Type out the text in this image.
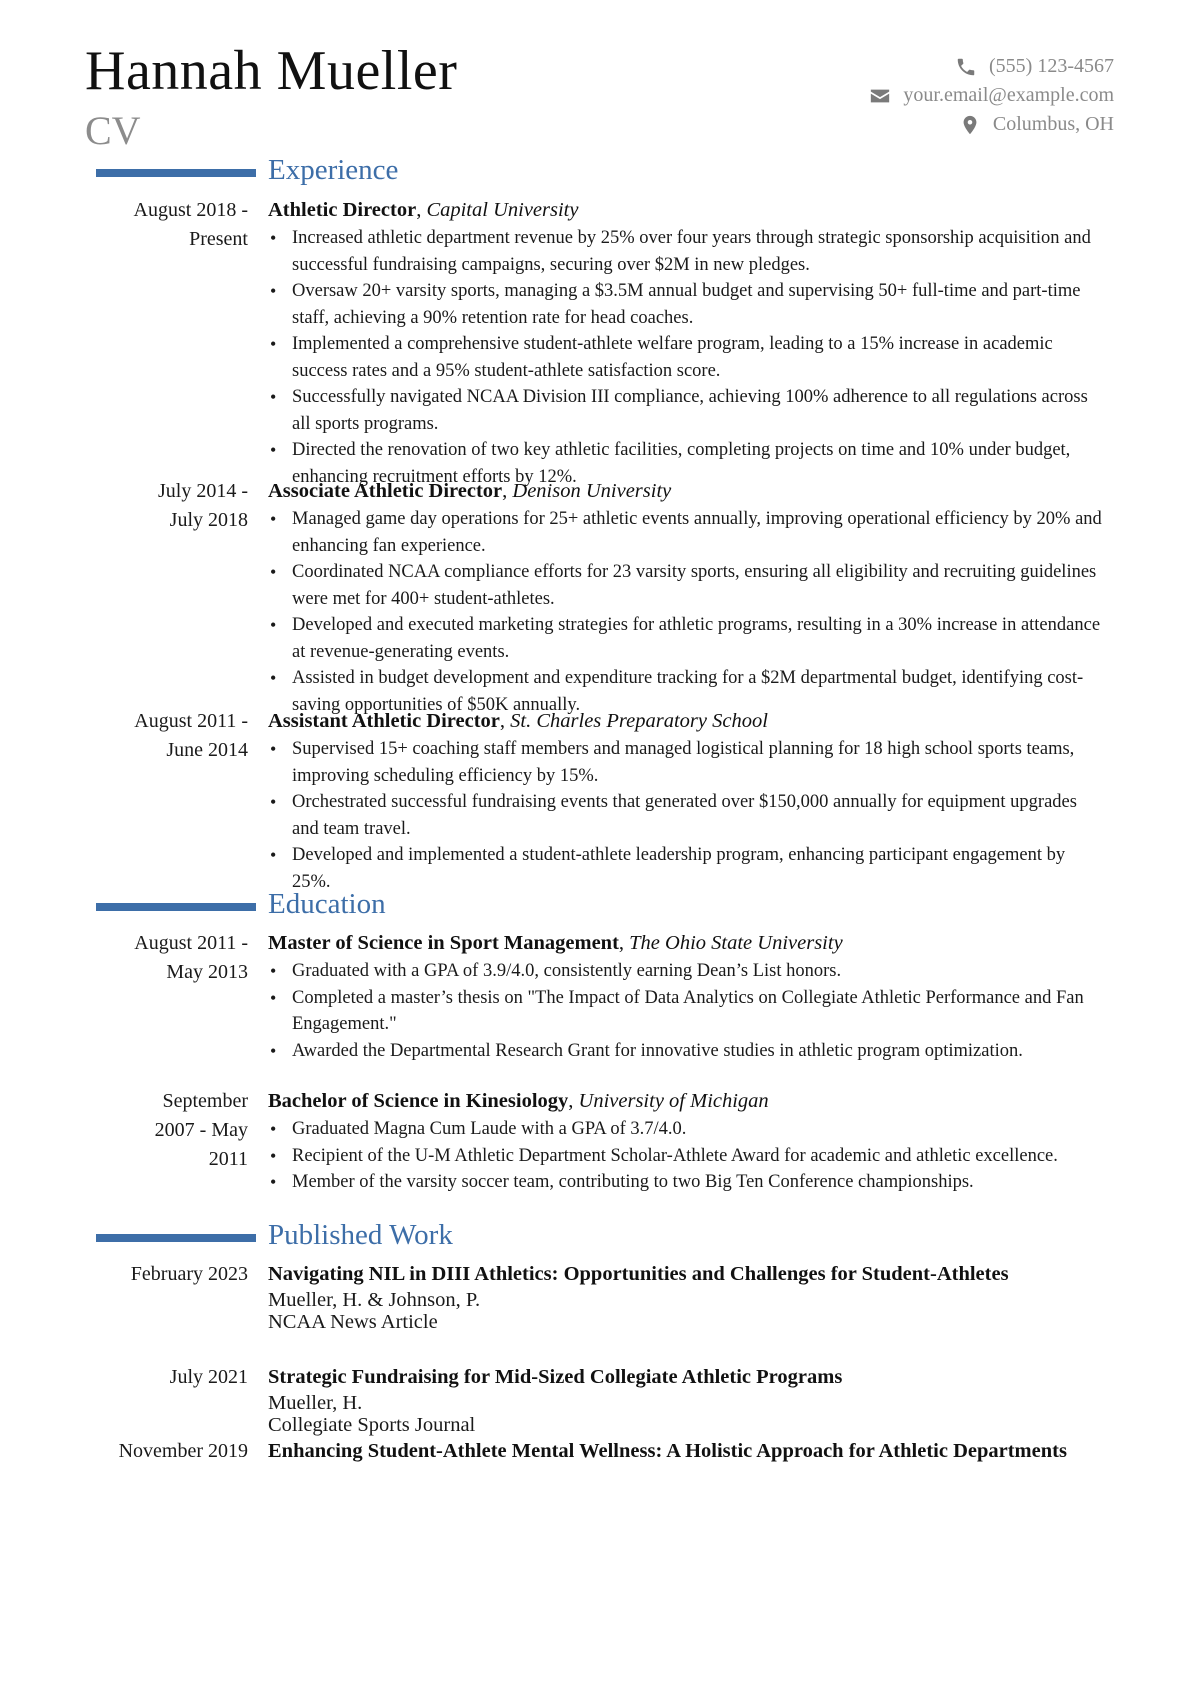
Hannah Mueller
CV
(555) 123-4567
your.email@example.com
Columbus, OH
Experience
August 2018 -
Present
Athletic Director, Capital University
• Increased athletic department revenue by 25% over four years through strategic sponsorship acquisition and successful fundraising campaigns, securing over $2M in new pledges.
• Oversaw 20+ varsity sports, managing a $3.5M annual budget and supervising 50+ full-time and part-time staff, achieving a 90% retention rate for head coaches.
• Implemented a comprehensive student-athlete welfare program, leading to a 15% increase in academic success rates and a 95% student-athlete satisfaction score.
• Successfully navigated NCAA Division III compliance, achieving 100% adherence to all regulations across all sports programs.
• Directed the renovation of two key athletic facilities, completing projects on time and 10% under budget, enhancing recruitment efforts by 12%.
July 2014 -
July 2018
Associate Athletic Director, Denison University
• Managed game day operations for 25+ athletic events annually, improving operational efficiency by 20% and enhancing fan experience.
• Coordinated NCAA compliance efforts for 23 varsity sports, ensuring all eligibility and recruiting guidelines were met for 400+ student-athletes.
• Developed and executed marketing strategies for athletic programs, resulting in a 30% increase in attendance at revenue-generating events.
• Assisted in budget development and expenditure tracking for a $2M departmental budget, identifying cost-saving opportunities of $50K annually.
August 2011 -
June 2014
Assistant Athletic Director, St. Charles Preparatory School
• Supervised 15+ coaching staff members and managed logistical planning for 18 high school sports teams, improving scheduling efficiency by 15%.
• Orchestrated successful fundraising events that generated over $150,000 annually for equipment upgrades and team travel.
• Developed and implemented a student-athlete leadership program, enhancing participant engagement by 25%.
Education
August 2011 -
May 2013
Master of Science in Sport Management, The Ohio State University
• Graduated with a GPA of 3.9/4.0, consistently earning Dean’s List honors.
• Completed a master’s thesis on "The Impact of Data Analytics on Collegiate Athletic Performance and Fan Engagement."
• Awarded the Departmental Research Grant for innovative studies in athletic program optimization.
September
2007 - May
2011
Bachelor of Science in Kinesiology, University of Michigan
• Graduated Magna Cum Laude with a GPA of 3.7/4.0.
• Recipient of the U-M Athletic Department Scholar-Athlete Award for academic and athletic excellence.
• Member of the varsity soccer team, contributing to two Big Ten Conference championships.
Published Work
February 2023 Navigating NIL in DIII Athletics: Opportunities and Challenges for Student-Athletes
Mueller, H. & Johnson, P.
NCAA News Article
July 2021 Strategic Fundraising for Mid-Sized Collegiate Athletic Programs
Mueller, H.
Collegiate Sports Journal
November 2019 Enhancing Student-Athlete Mental Wellness: A Holistic Approach for Athletic Departments
